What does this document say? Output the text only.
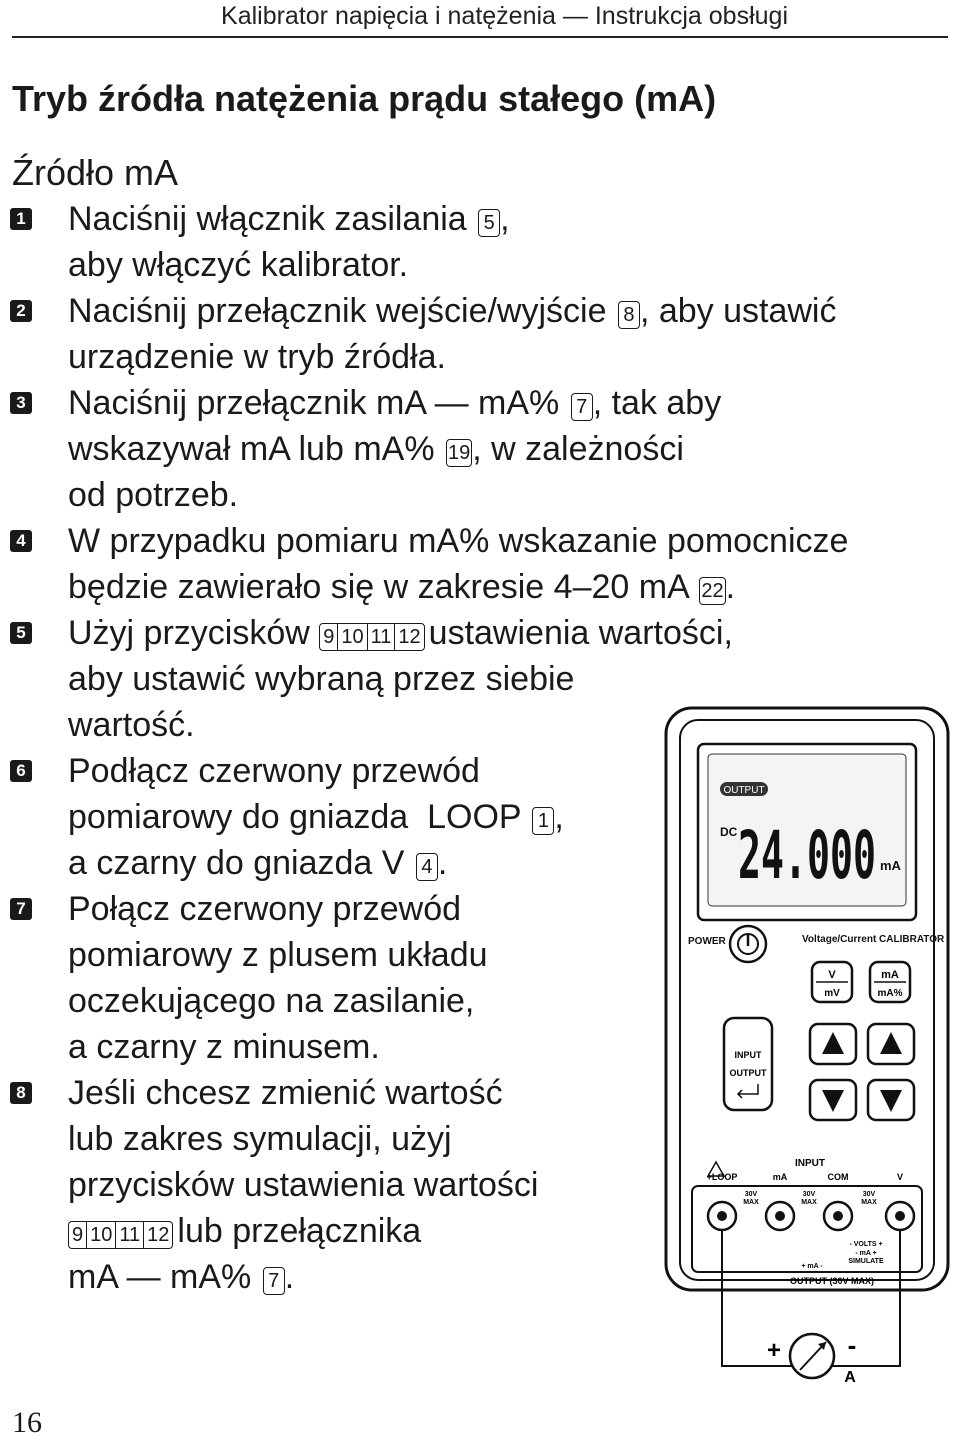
Kalibrator napięcia i natężenia — Instrukcja obsługi
Tryb źródła natężenia prądu stałego (mA)
Źródło mA
1 Naciśnij włącznik zasilania 5 ,
aby włączyć kalibrator.
2 Naciśnij przełącznik wejście/wyjście 8 , aby ustawić
urządzenie w tryb źródła.
3 Naciśnij przełącznik mA — mA% 7 , tak aby
wskazywał mA lub mA% 19, w zależności
od potrzeb.
4 W przypadku pomiaru mA% wskazanie pomocnicze
będzie zawierało się w zakresie 4–20 mA 22.
5 Użyj przycisków 9 10 11 12 ustawienia wartości,
aby ustawić wybraną przez siebie
wartość.
6 Podłącz czerwony przewód
pomiarowy do gniazda  LOOP 1 ,
a czarny do gniazda V 4 .
7 Połącz czerwony przewód
pomiarowy z plusem układu
oczekującego na zasilanie,
a czarny z minusem.
8 Jeśli chcesz zmienić wartość
lub zakres symulacji, użyj
przycisków ustawienia wartości
9 10 11 12 lub przełącznika
mA — mA% 7 .
OUTPUT
DC 24.000 mA
POWER	Voltage/Current CALIBRATOR
V
mV
mA
mA%
INPUT
OUTPUT
INPUT
+LOOP	mA	COM	V
30V
MAX
30V
MAX
30V
MAX
- VOLTS +
- mA +
SIMULATE
+ mA -
OUTPUT (30V MAX)
+	-
A
16
